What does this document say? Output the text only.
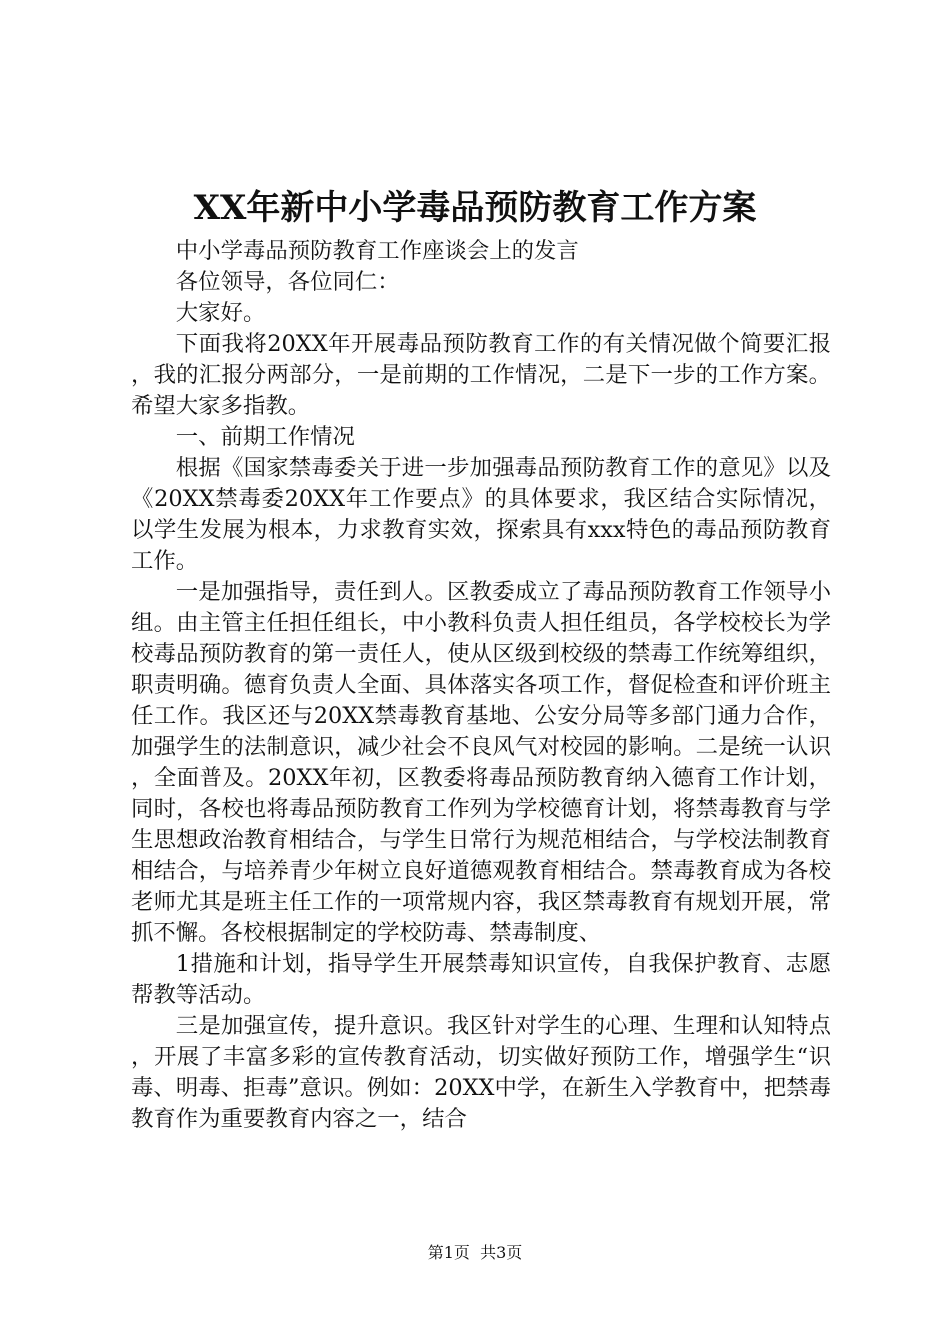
XX年新中小学毒品预防教育工作方案

中小学毒品预防教育工作座谈会上的发言

各位领导，各位同仁：

大家好。

下面我将20XX年开展毒品预防教育工作的有关情况做个简要汇报，我的汇报分两部分，一是前期的工作情况，二是下一步的工作方案。希望大家多指教。

一、前期工作情况

根据《国家禁毒委关于进一步加强毒品预防教育工作的意见》以及《20XX禁毒委20XX年工作要点》的具体要求，我区结合实际情况，以学生发展为根本，力求教育实效，探索具有xxx特色的毒品预防教育工作。

一是加强指导，责任到人。区教委成立了毒品预防教育工作领导小组。由主管主任担任组长，中小教科负责人担任组员，各学校校长为学校毒品预防教育的第一责任人，使从区级到校级的禁毒工作统筹组织，职责明确。德育负责人全面、具体落实各项工作，督促检查和评价班主任工作。我区还与20XX禁毒教育基地、公安分局等多部门通力合作，加强学生的法制意识，减少社会不良风气对校园的影响。二是统一认识，全面普及。20XX年初，区教委将毒品预防教育纳入德育工作计划，同时，各校也将毒品预防教育工作列为学校德育计划，将禁毒教育与学生思想政治教育相结合，与学生日常行为规范相结合，与学校法制教育相结合，与培养青少年树立良好道德观教育相结合。禁毒教育成为各校老师尤其是班主任工作的一项常规内容，我区禁毒教育有规划开展，常抓不懈。各校根据制定的学校防毒、禁毒制度、

1措施和计划，指导学生开展禁毒知识宣传，自我保护教育、志愿帮教等活动。

三是加强宣传，提升意识。我区针对学生的心理、生理和认知特点，开展了丰富多彩的宣传教育活动，切实做好预防工作，增强学生“识毒、明毒、拒毒”意识。例如：20XX中学，在新生入学教育中，把禁毒教育作为重要教育内容之一，结合

第1页 共3页
